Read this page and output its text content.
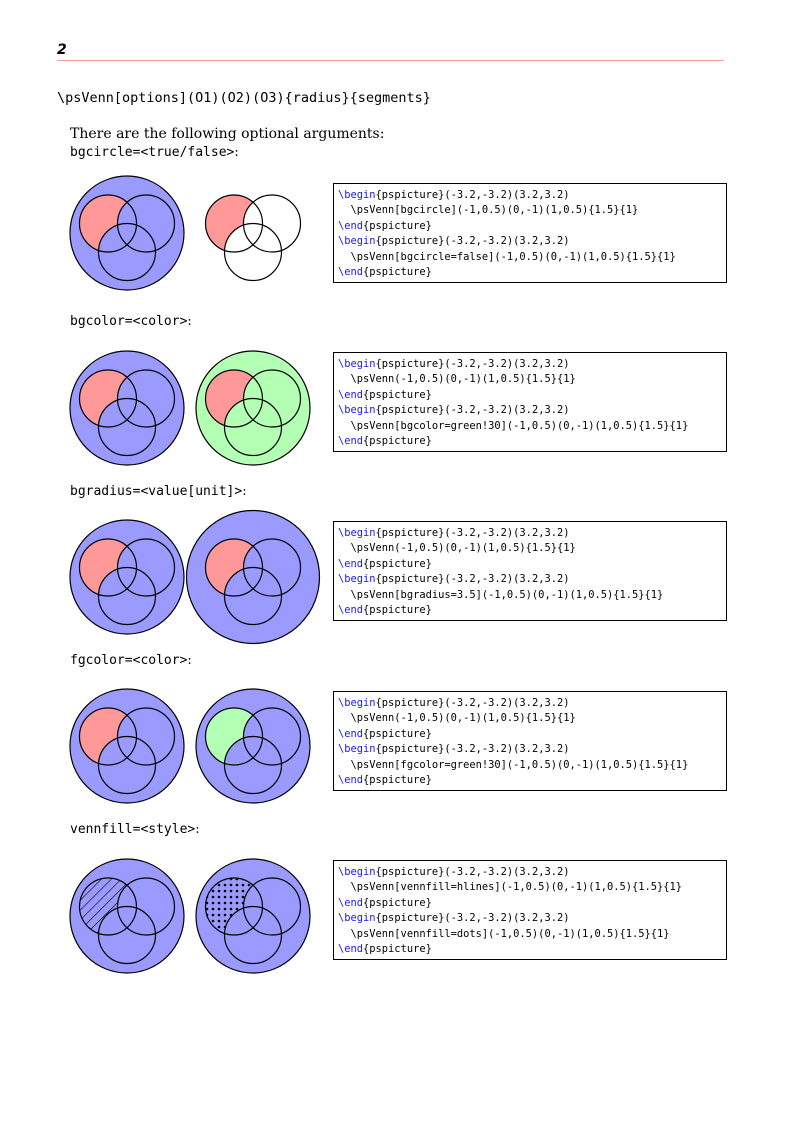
2
\psVenn[options](O1)(O2)(O3){radius}{segments}
There are the following optional arguments:
bgcircle=<true/false>:
bgcolor=<color>:
bgradius=<value[unit]>:
fgcolor=<color>:
vennfill=<style>:
\begin{pspicture}(-3.2,-3.2)(3.2,3.2)
\psVenn[bgcircle](-1,0.5)(0,-1)(1,0.5){1.5}{1}
\end{pspicture}
\begin{pspicture}(-3.2,-3.2)(3.2,3.2)
\psVenn[bgcircle=false](-1,0.5)(0,-1)(1,0.5){1.5}{1}
\end{pspicture}
\begin{pspicture}(-3.2,-3.2)(3.2,3.2)
\psVenn(-1,0.5)(0,-1)(1,0.5){1.5}{1}
\end{pspicture}
\begin{pspicture}(-3.2,-3.2)(3.2,3.2)
\psVenn[bgcolor=green!30](-1,0.5)(0,-1)(1,0.5){1.5}{1}
\end{pspicture}
\begin{pspicture}(-3.2,-3.2)(3.2,3.2)
\psVenn(-1,0.5)(0,-1)(1,0.5){1.5}{1}
\end{pspicture}
\begin{pspicture}(-3.2,-3.2)(3.2,3.2)
\psVenn[bgradius=3.5](-1,0.5)(0,-1)(1,0.5){1.5}{1}
\end{pspicture}
\begin{pspicture}(-3.2,-3.2)(3.2,3.2)
\psVenn(-1,0.5)(0,-1)(1,0.5){1.5}{1}
\end{pspicture}
\begin{pspicture}(-3.2,-3.2)(3.2,3.2)
\psVenn[fgcolor=green!30](-1,0.5)(0,-1)(1,0.5){1.5}{1}
\end{pspicture}
\begin{pspicture}(-3.2,-3.2)(3.2,3.2)
\psVenn[vennfill=hlines](-1,0.5)(0,-1)(1,0.5){1.5}{1}
\end{pspicture}
\begin{pspicture}(-3.2,-3.2)(3.2,3.2)
\psVenn[vennfill=dots](-1,0.5)(0,-1)(1,0.5){1.5}{1}
\end{pspicture}
